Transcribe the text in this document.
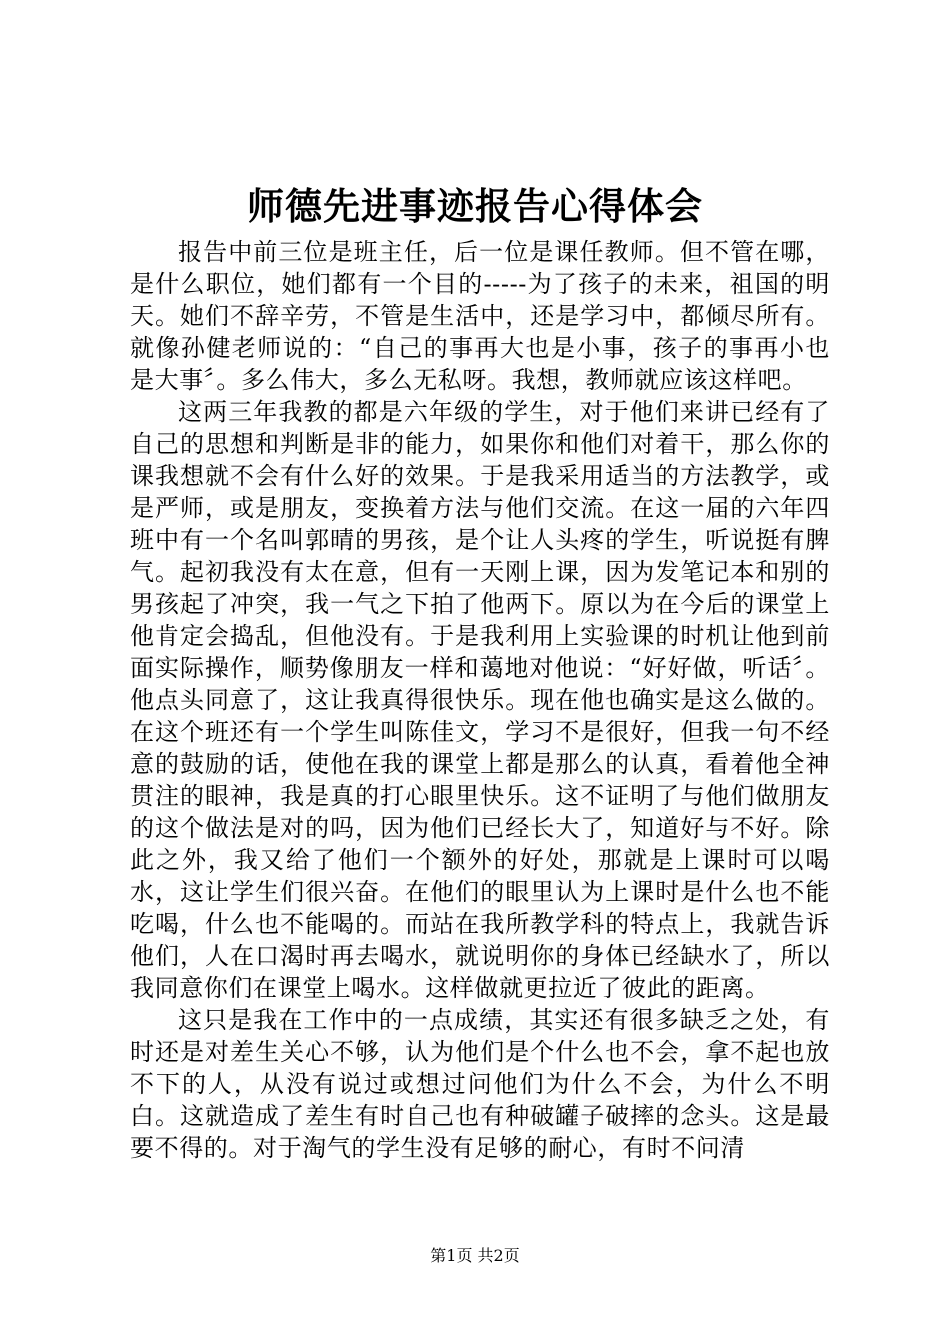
师德先进事迹报告心得体会

报告中前三位是班主任，后一位是课任教师。但不管在哪，是什么职位，她们都有一个目的-----为了孩子的未来，祖国的明天。她们不辞辛劳，不管是生活中，还是学习中，都倾尽所有。就像孙健老师说的：“自己的事再大也是小事，孩子的事再小也是大事〞。多么伟大，多么无私呀。我想，教师就应该这样吧。

这两三年我教的都是六年级的学生，对于他们来讲已经有了自己的思想和判断是非的能力，如果你和他们对着干，那么你的课我想就不会有什么好的效果。于是我采用适当的方法教学，或是严师，或是朋友，变换着方法与他们交流。在这一届的六年四班中有一个名叫郭晴的男孩，是个让人头疼的学生，听说挺有脾气。起初我没有太在意，但有一天刚上课，因为发笔记本和别的男孩起了冲突，我一气之下拍了他两下。原以为在今后的课堂上他肯定会捣乱，但他没有。于是我利用上实验课的时机让他到前面实际操作，顺势像朋友一样和蔼地对他说：“好好做，听话〞。他点头同意了，这让我真得很快乐。现在他也确实是这么做的。在这个班还有一个学生叫陈佳文，学习不是很好，但我一句不经意的鼓励的话，使他在我的课堂上都是那么的认真，看着他全神贯注的眼神，我是真的打心眼里快乐。这不证明了与他们做朋友的这个做法是对的吗，因为他们已经长大了，知道好与不好。除此之外，我又给了他们一个额外的好处，那就是上课时可以喝水，这让学生们很兴奋。在他们的眼里认为上课时是什么也不能吃喝，什么也不能喝的。而站在我所教学科的特点上，我就告诉他们，人在口渴时再去喝水，就说明你的身体已经缺水了，所以我同意你们在课堂上喝水。这样做就更拉近了彼此的距离。

这只是我在工作中的一点成绩，其实还有很多缺乏之处，有时还是对差生关心不够，认为他们是个什么也不会，拿不起也放不下的人，从没有说过或想过问他们为什么不会，为什么不明白。这就造成了差生有时自己也有种破罐子破摔的念头。这是最要不得的。对于淘气的学生没有足够的耐心，有时不问清

第1页 共2页
